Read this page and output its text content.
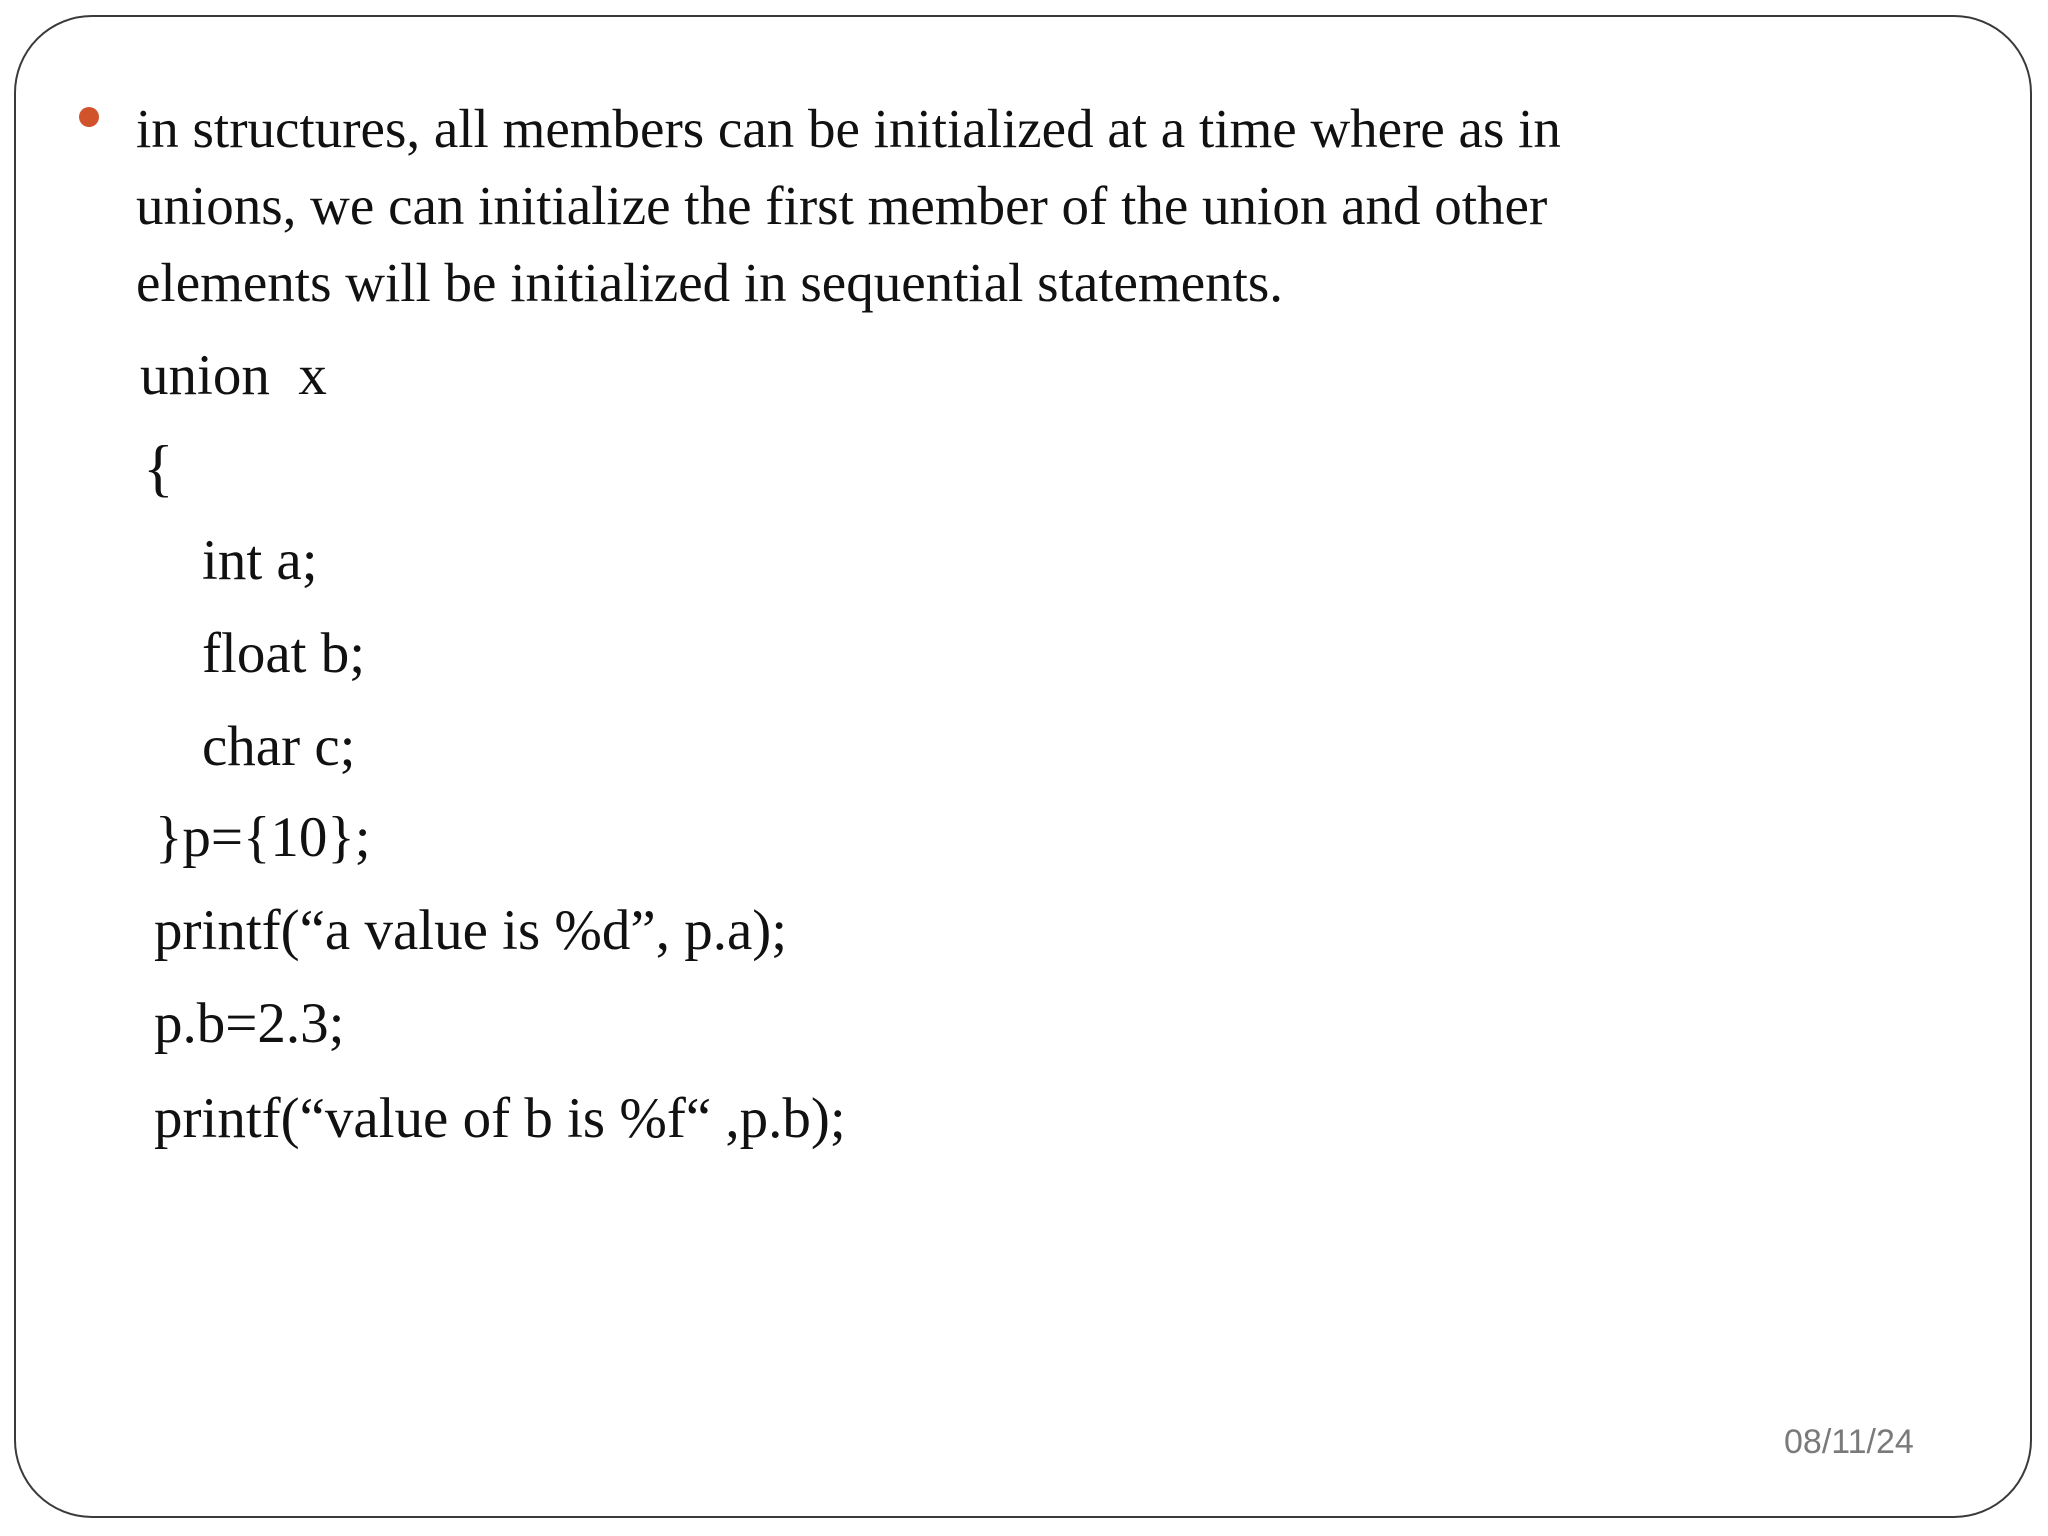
in structures, all members can be initialized at a time where as in
unions, we can initialize the first member of the union and other
elements will be initialized in sequential statements.

union  x
{
int a;
float b;
char c;
}p={10};
printf(“a value is %d”, p.a);
p.b=2.3;
printf(“value of b is %f“ ,p.b);
08/11/24
